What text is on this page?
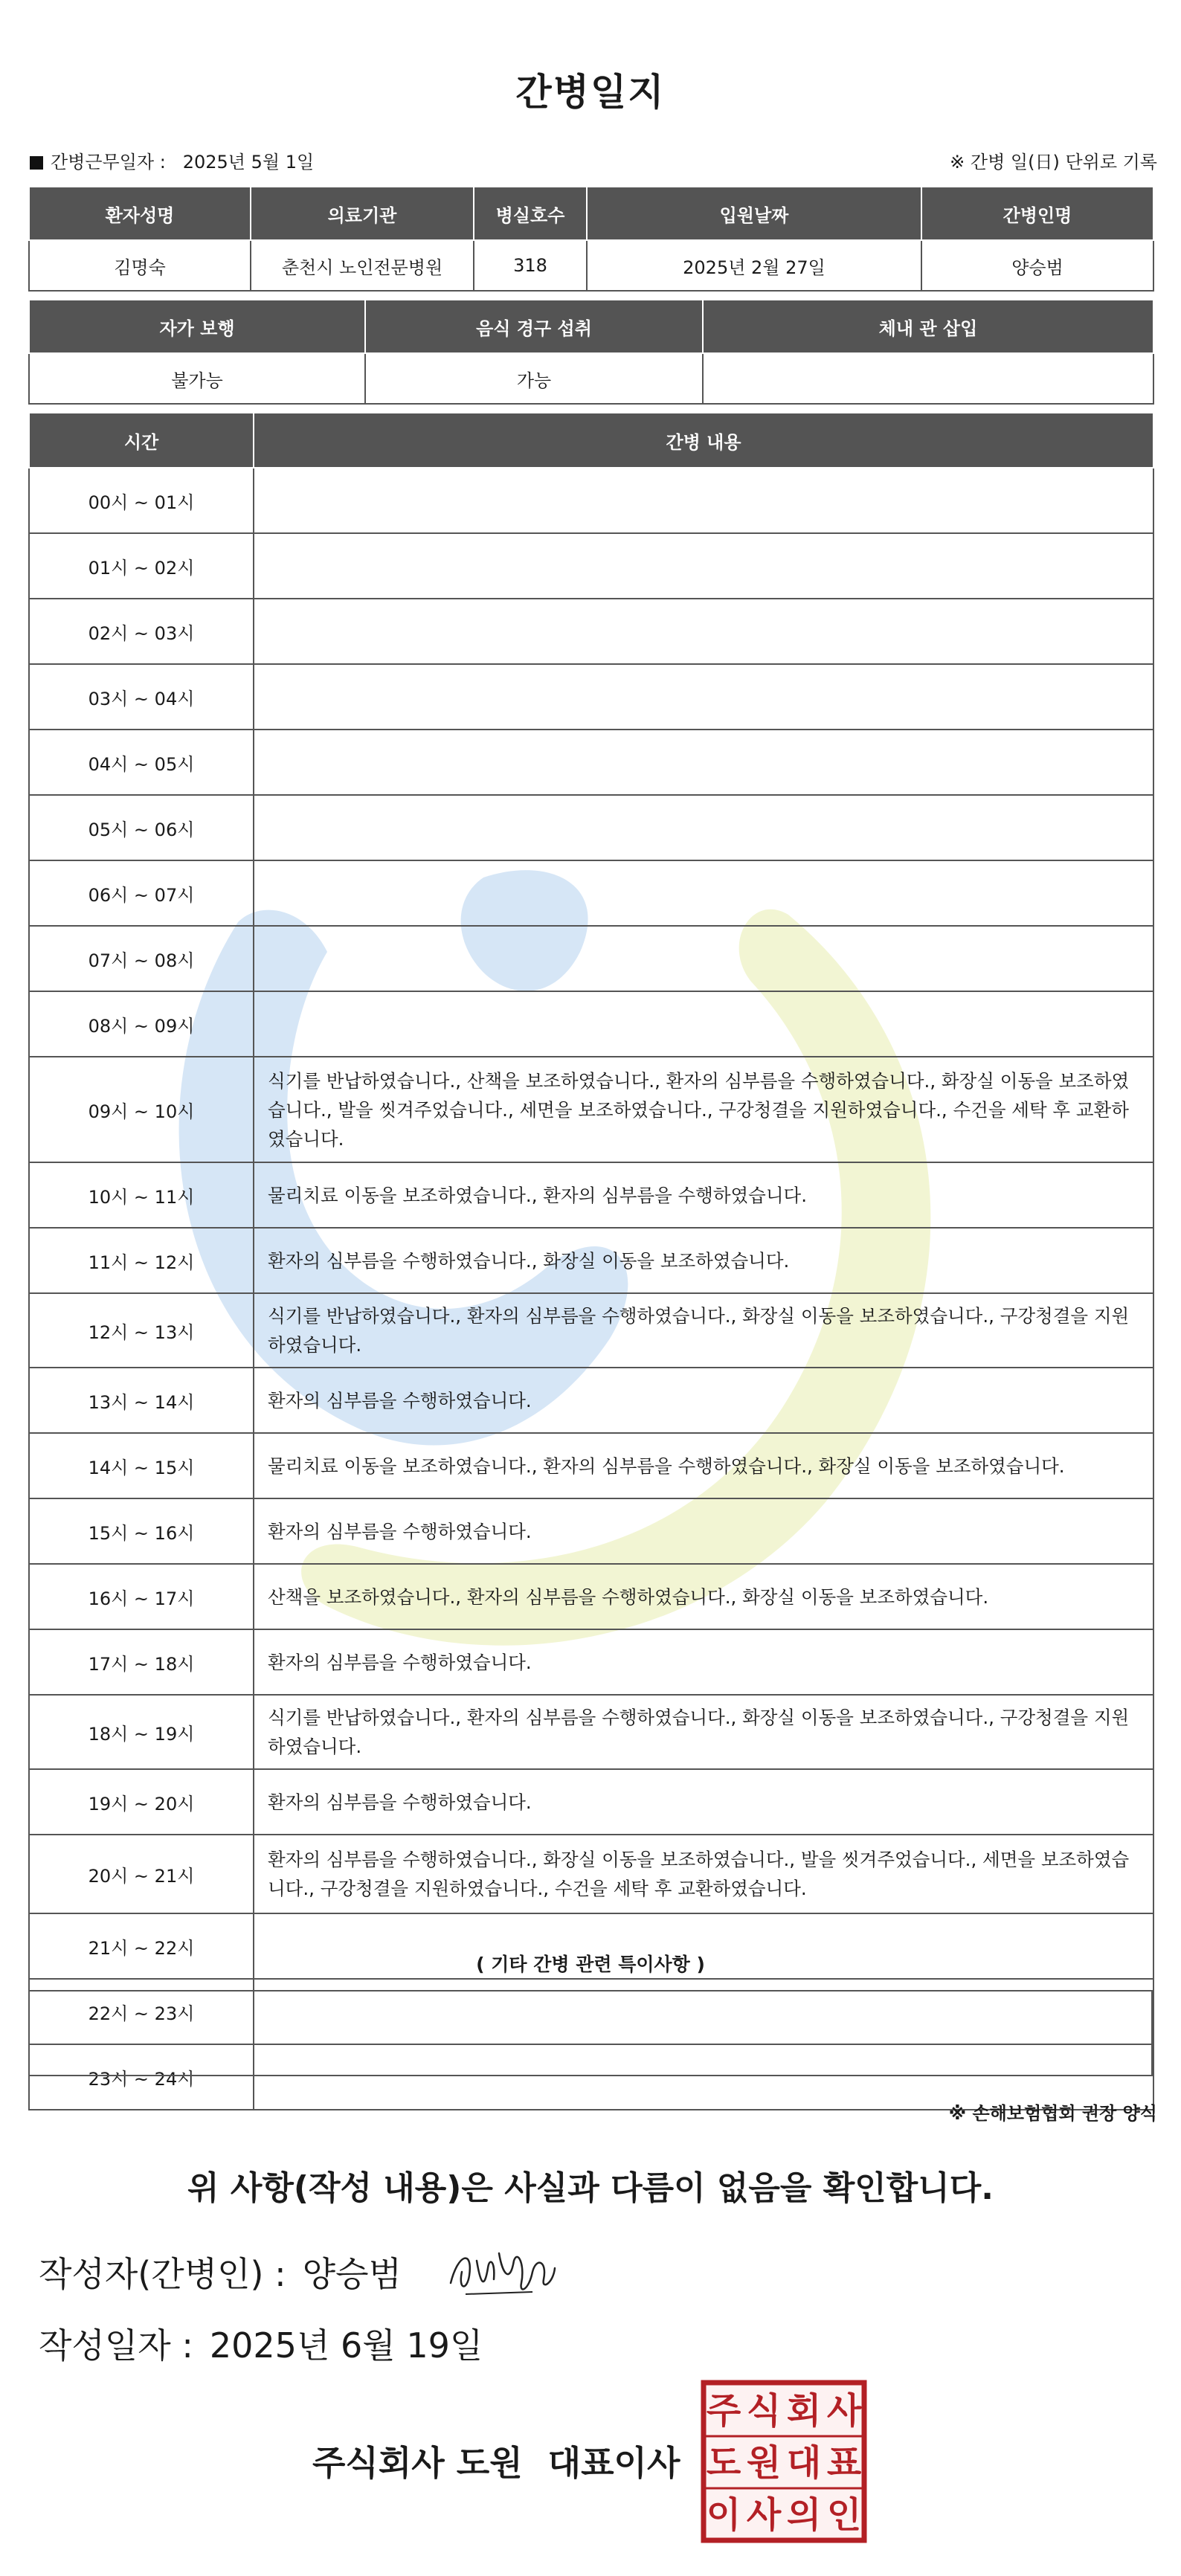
간병일지
간병근무일자 : 2025년 5월 1일	※ 간병 일(日) 단위로 기록
환자성명	의료기관	병실호수	입원날짜	간병인명
김명숙	춘천시 노인전문병원	318	2025년 2월 27일	양승범
자가 보행	음식 경구 섭취	체내 관 삽입
불가능	가능	
시간	간병 내용
00시 ~ 01시	
01시 ~ 02시	
02시 ~ 03시	
03시 ~ 04시	
04시 ~ 05시	
05시 ~ 06시	
06시 ~ 07시	
07시 ~ 08시	
08시 ~ 09시	
09시 ~ 10시	식기를 반납하였습니다., 산책을 보조하였습니다., 환자의 심부름을 수행하였습니다., 화장실 이동을 보조하였습니다., 발을 씻겨주었습니다., 세면을 보조하였습니다., 구강청결을 지원하였습니다., 수건을 세탁 후 교환하였습니다.
10시 ~ 11시	물리치료 이동을 보조하였습니다., 환자의 심부름을 수행하였습니다.
11시 ~ 12시	환자의 심부름을 수행하였습니다., 화장실 이동을 보조하였습니다.
12시 ~ 13시	식기를 반납하였습니다., 환자의 심부름을 수행하였습니다., 화장실 이동을 보조하였습니다., 구강청결을 지원하였습니다.
13시 ~ 14시	환자의 심부름을 수행하였습니다.
14시 ~ 15시	물리치료 이동을 보조하였습니다., 환자의 심부름을 수행하였습니다., 화장실 이동을 보조하였습니다.
15시 ~ 16시	환자의 심부름을 수행하였습니다.
16시 ~ 17시	산책을 보조하였습니다., 환자의 심부름을 수행하였습니다., 화장실 이동을 보조하였습니다.
17시 ~ 18시	환자의 심부름을 수행하였습니다.
18시 ~ 19시	식기를 반납하였습니다., 환자의 심부름을 수행하였습니다., 화장실 이동을 보조하였습니다., 구강청결을 지원하였습니다.
19시 ~ 20시	환자의 심부름을 수행하였습니다.
20시 ~ 21시	환자의 심부름을 수행하였습니다., 화장실 이동을 보조하였습니다., 발을 씻겨주었습니다., 세면을 보조하였습니다., 구강청결을 지원하였습니다., 수건을 세탁 후 교환하였습니다.
21시 ~ 22시	
22시 ~ 23시	
23시 ~ 24시	
( 기타 간병 관련 특이사항 )
※ 손해보험협회 권장 양식
위 사항(작성 내용)은 사실과 다름이 없음을 확인합니다.
작성자(간병인) : 양승범
작성일자 : 2025년 6월 19일
주식회사 도원 대표이사
주 식 회 사
도 원 대 표
이 사 의 인
